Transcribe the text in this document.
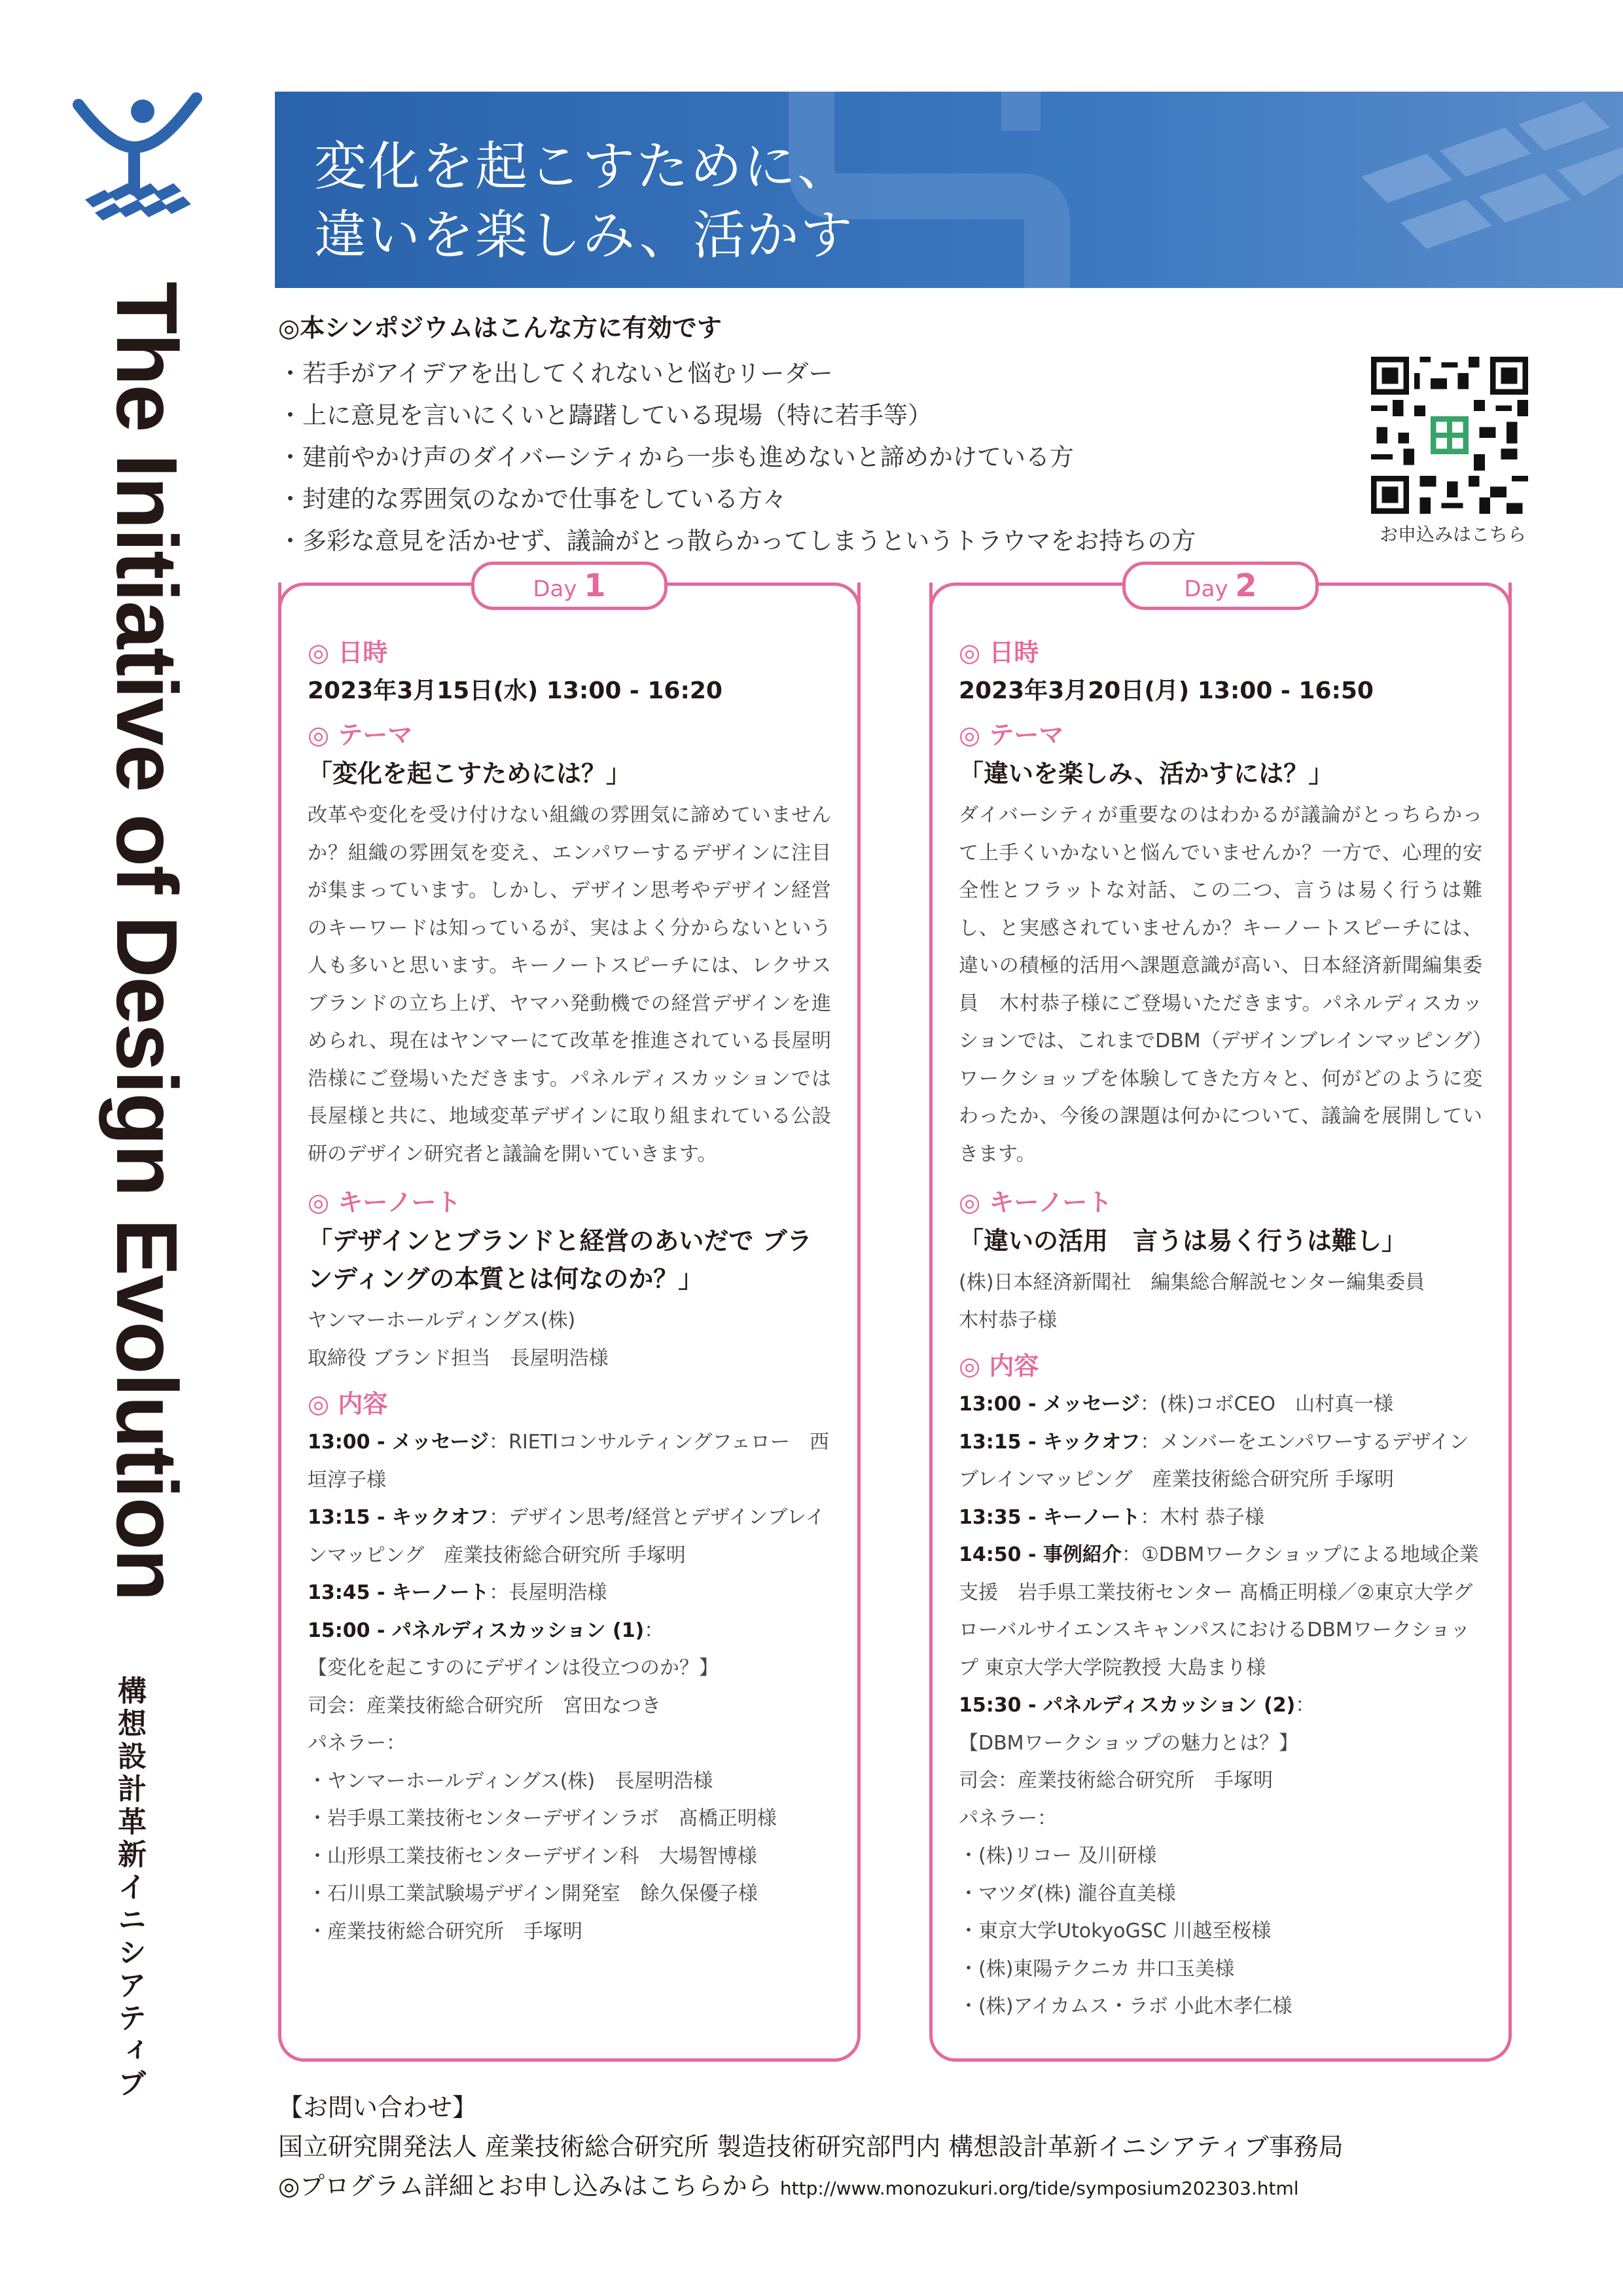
The Initiative of Design Evolution
構想設計革新イニシアティブ
変化を起こすために、
違いを楽しみ、活かす
◎本シンポジウムはこんな方に有効です
・若手がアイデアを出してくれないと悩むリーダー
・上に意見を言いにくいと躊躇している現場（特に若手等）
・建前やかけ声のダイバーシティから一歩も進めないと諦めかけている方
・封建的な雰囲気のなかで仕事をしている方々
・多彩な意見を活かせず、議論がとっ散らかってしまうというトラウマをお持ちの方	お申込みはこちら
Day 1
◎ 日時
2023年3月15日(水) 13:00 - 16:20
◎ テーマ
「変化を起こすためには？」
改革や変化を受け付けない組織の雰囲気に諦めていませんか？組織の雰囲気を変え、エンパワーするデザインに注目が集まっています。しかし、デザイン思考やデザイン経営のキーワードは知っているが、実はよく分からないという人も多いと思います。キーノートスピーチには、レクサスブランドの立ち上げ、ヤマハ発動機での経営デザインを進められ、現在はヤンマーにて改革を推進されている長屋明浩様にご登場いただきます。パネルディスカッションでは長屋様と共に、地域変革デザインに取り組まれている公設研のデザイン研究者と議論を開いていきます。
◎ キーノート
「デザインとブランドと経営のあいだで ブランディングの本質とは何なのか？」
ヤンマーホールディングス(株)
取締役 ブランド担当　長屋明浩様
◎ 内容
13:00 - メッセージ：RIETIコンサルティングフェロー　西垣淳子様
13:15 - キックオフ：デザイン思考/経営とデザインブレインマッピング　産業技術総合研究所 手塚明
13:45 - キーノート：長屋明浩様
15:00 - パネルディスカッション (1)：
【変化を起こすのにデザインは役立つのか？】
司会：産業技術総合研究所　宮田なつき
パネラー：
・ヤンマーホールディングス(株)　長屋明浩様
・岩手県工業技術センターデザインラボ　髙橋正明様
・山形県工業技術センターデザイン科　大場智博様
・石川県工業試験場デザイン開発室　餘久保優子様
・産業技術総合研究所　手塚明
Day 2
◎ 日時
2023年3月20日(月) 13:00 - 16:50
◎ テーマ
「違いを楽しみ、活かすには？」
ダイバーシティが重要なのはわかるが議論がとっちらかって上手くいかないと悩んでいませんか？一方で、心理的安全性とフラットな対話、この二つ、言うは易く行うは難し、と実感されていませんか？キーノートスピーチには、違いの積極的活用へ課題意識が高い、日本経済新聞編集委員　木村恭子様にご登場いただきます。パネルディスカッションでは、これまでDBM（デザインブレインマッピング）ワークショップを体験してきた方々と、何がどのように変わったか、今後の課題は何かについて、議論を展開していきます。
◎ キーノート
「違いの活用　言うは易く行うは難し」
(株)日本経済新聞社　編集総合解説センター編集委員
木村恭子様
◎ 内容
13:00 - メッセージ：(株)コボCEO　山村真一様
13:15 - キックオフ：メンバーをエンパワーするデザインブレインマッピング　産業技術総合研究所 手塚明
13:35 - キーノート：木村 恭子様
14:50 - 事例紹介：①DBMワークショップによる地域企業支援　岩手県工業技術センター 髙橋正明様／②東京大学グローバルサイエンスキャンパスにおけるDBMワークショップ 東京大学大学院教授 大島まり様
15:30 - パネルディスカッション (2)：
【DBMワークショップの魅力とは？】
司会：産業技術総合研究所　手塚明
パネラー：
・(株)リコー 及川研様
・マツダ(株) 瀧谷直美様
・東京大学UtokyoGSC 川越至桜様
・(株)東陽テクニカ 井口玉美様
・(株)アイカムス・ラボ 小此木孝仁様
【お問い合わせ】
国立研究開発法人 産業技術総合研究所 製造技術研究部門内 構想設計革新イニシアティブ事務局
◎プログラム詳細とお申し込みはこちらから http://www.monozukuri.org/tide/symposium202303.html
